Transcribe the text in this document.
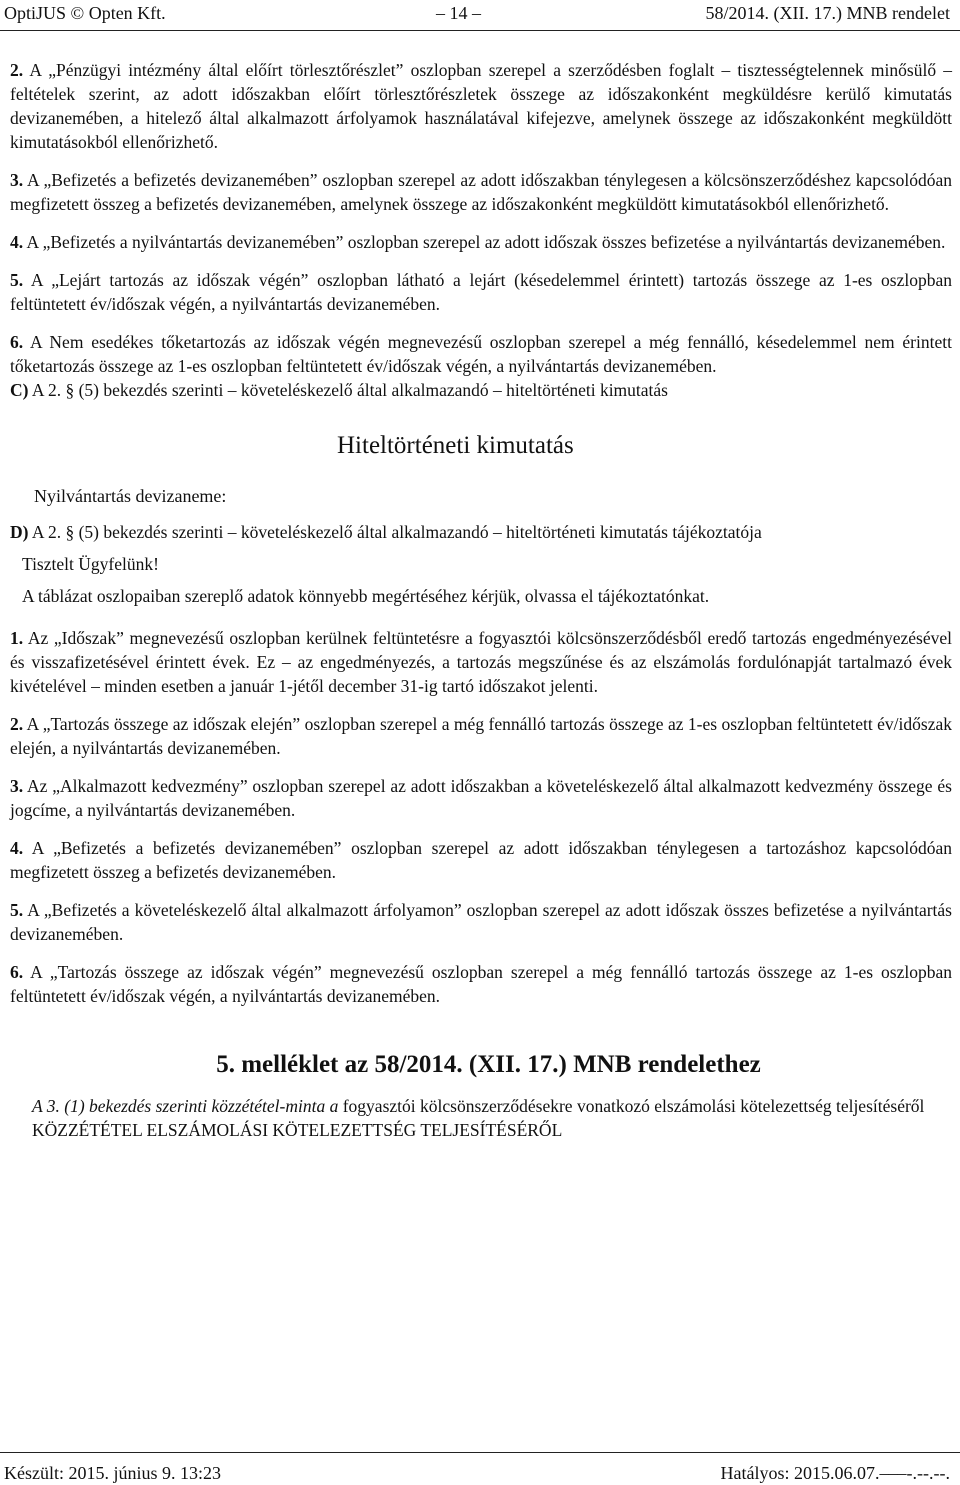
OptiJUS © Opten Kft.	– 14 –	58/2014. (XII. 17.) MNB rendelet

2. A „Pénzügyi intézmény által előírt törlesztőrészlet” oszlopban szerepel a szerződésben foglalt – tisztességtelennek minősülő – feltételek szerint, az adott időszakban előírt törlesztőrészletek összege az időszakonként megküldésre kerülő kimutatás devizanemében, a hitelező által alkalmazott árfolyamok használatával kifejezve, amelynek összege az időszakonként megküldött kimutatásokból ellenőrizhető.

3. A „Befizetés a befizetés devizanemében” oszlopban szerepel az adott időszakban ténylegesen a kölcsönszerződéshez kapcsolódóan megfizetett összeg a befizetés devizanemében, amelynek összege az időszakonként megküldött kimutatásokból ellenőrizhető.

4. A „Befizetés a nyilvántartás devizanemében” oszlopban szerepel az adott időszak összes befizetése a nyilvántartás devizanemében.

5. A „Lejárt tartozás az időszak végén” oszlopban látható a lejárt (késedelemmel érintett) tartozás összege az 1-es oszlopban feltüntetett év/időszak végén, a nyilvántartás devizanemében.

6. A Nem esedékes tőketartozás az időszak végén megnevezésű oszlopban szerepel a még fennálló, késedelemmel nem érintett tőketartozás összege az 1-es oszlopban feltüntetett év/időszak végén, a nyilvántartás devizanemében.

C) A 2. § (5) bekezdés szerinti – követeléskezelő által alkalmazandó – hiteltörténeti kimutatás

Hiteltörténeti kimutatás

Nyilvántartás devizaneme:

D) A 2. § (5) bekezdés szerinti – követeléskezelő által alkalmazandó – hiteltörténeti kimutatás tájékoztatója

Tisztelt Ügyfelünk!

A táblázat oszlopaiban szereplő adatok könnyebb megértéséhez kérjük, olvassa el tájékoztatónkat.

1. Az „Időszak” megnevezésű oszlopban kerülnek feltüntetésre a fogyasztói kölcsönszerződésből eredő tartozás engedményezésével és visszafizetésével érintett évek. Ez – az engedményezés, a tartozás megszűnése és az elszámolás fordulónapját tartalmazó évek kivételével – minden esetben a január 1-jétől december 31-ig tartó időszakot jelenti.

2. A „Tartozás összege az időszak elején” oszlopban szerepel a még fennálló tartozás összege az 1-es oszlopban feltüntetett év/időszak elején, a nyilvántartás devizanemében.

3. Az „Alkalmazott kedvezmény” oszlopban szerepel az adott időszakban a követeléskezelő által alkalmazott kedvezmény összege és jogcíme, a nyilvántartás devizanemében.

4. A „Befizetés a befizetés devizanemében” oszlopban szerepel az adott időszakban ténylegesen a tartozáshoz kapcsolódóan megfizetett összeg a befizetés devizanemében.

5. A „Befizetés a követeléskezelő által alkalmazott árfolyamon” oszlopban szerepel az adott időszak összes befizetése a nyilvántartás devizanemében.

6. A „Tartozás összege az időszak végén” megnevezésű oszlopban szerepel a még fennálló tartozás összege az 1-es oszlopban feltüntetett év/időszak végén, a nyilvántartás devizanemében.

5. melléklet az 58/2014. (XII. 17.) MNB rendelethez

A 3. (1) bekezdés szerinti közzététel-minta a fogyasztói kölcsönszerződésekre vonatkozó elszámolási kötelezettség teljesítéséről

KÖZZÉTÉTEL ELSZÁMOLÁSI KÖTELEZETTSÉG TELJESÍTÉSÉRŐL

Készült: 2015. június 9. 13:23	Hatályos: 2015.06.07.–––-.--.--.
